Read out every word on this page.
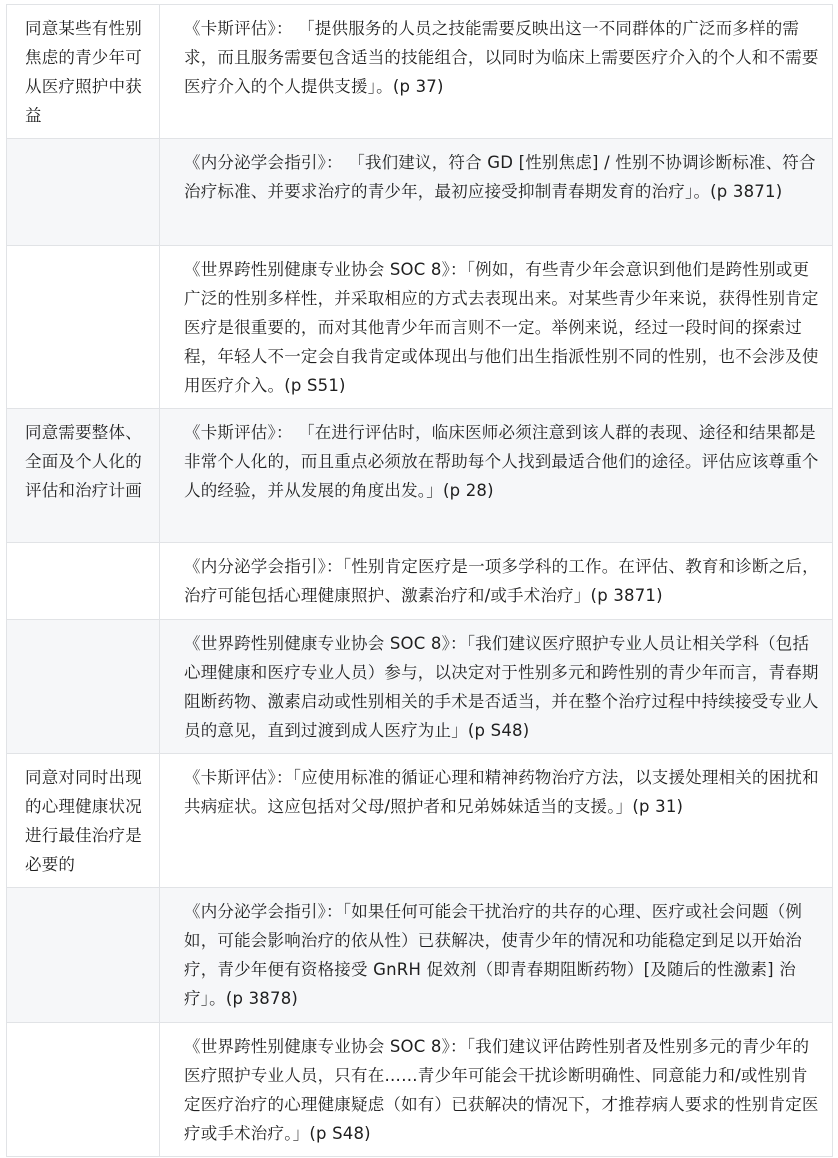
同意某些有性别焦虑的青少年可从医疗照护中获益	《卡斯评估》： 「提供服务的人员之技能需要反映出这一不同群体的广泛而多样的需求，而且服务需要包含适当的技能组合，以同时为临床上需要医疗介入的个人和不需要医疗介入的个人提供支援」。(p 37)

	《内分泌学会指引》： 「我们建议，符合 GD [性别焦虑] / 性别不协调诊断标准、符合治疗标准、并要求治疗的青少年，最初应接受抑制青春期发育的治疗」。(p 3871)

	《世界跨性别健康专业协会 SOC 8》：「例如，有些青少年会意识到他们是跨性别或更广泛的性别多样性，并采取相应的方式去表现出来。对某些青少年来说，获得性别肯定医疗是很重要的，而对其他青少年而言则不一定。举例来说，经过一段时间的探索过程，年轻人不一定会自我肯定或体现出与他们出生指派性别不同的性别，也不会涉及使用医疗介入。(p S51)

同意需要整体、全面及个人化的评估和治疗计画	《卡斯评估》： 「在进行评估时，临床医师必须注意到该人群的表现、途径和结果都是非常个人化的，而且重点必须放在帮助每个人找到最适合他们的途径。评估应该尊重个人的经验，并从发展的角度出发。」(p 28)

	《内分泌学会指引》：「性别肯定医疗是一项多学科的工作。在评估、教育和诊断之后，治疗可能包括心理健康照护、激素治疗和/或手术治疗」(p 3871)

	《世界跨性别健康专业协会 SOC 8》：「我们建议医疗照护专业人员让相关学科（包括心理健康和医疗专业人员）参与，以决定对于性别多元和跨性别的青少年而言，青春期阻断药物、激素启动或性别相关的手术是否适当，并在整个治疗过程中持续接受专业人员的意见，直到过渡到成人医疗为止」(p S48)

同意对同时出现的心理健康状况进行最佳治疗是必要的	《卡斯评估》：「应使用标准的循证心理和精神药物治疗方法，以支援处理相关的困扰和共病症状。这应包括对父母/照护者和兄弟姊妹适当的支援。」(p 31)

	《内分泌学会指引》：「如果任何可能会干扰治疗的共存的心理、医疗或社会问题（例如，可能会影响治疗的依从性）已获解决，使青少年的情况和功能稳定到足以开始治疗，青少年便有资格接受 GnRH 促效剂（即青春期阻断药物）[及随后的性激素] 治疗」。(p 3878)

	《世界跨性别健康专业协会 SOC 8》：「我们建议评估跨性别者及性别多元的青少年的医疗照护专业人员，只有在……青少年可能会干扰诊断明确性、同意能力和/或性别肯定医疗治疗的心理健康疑虑（如有）已获解决的情况下，才推荐病人要求的性别肯定医疗或手术治疗。」(p S48)
